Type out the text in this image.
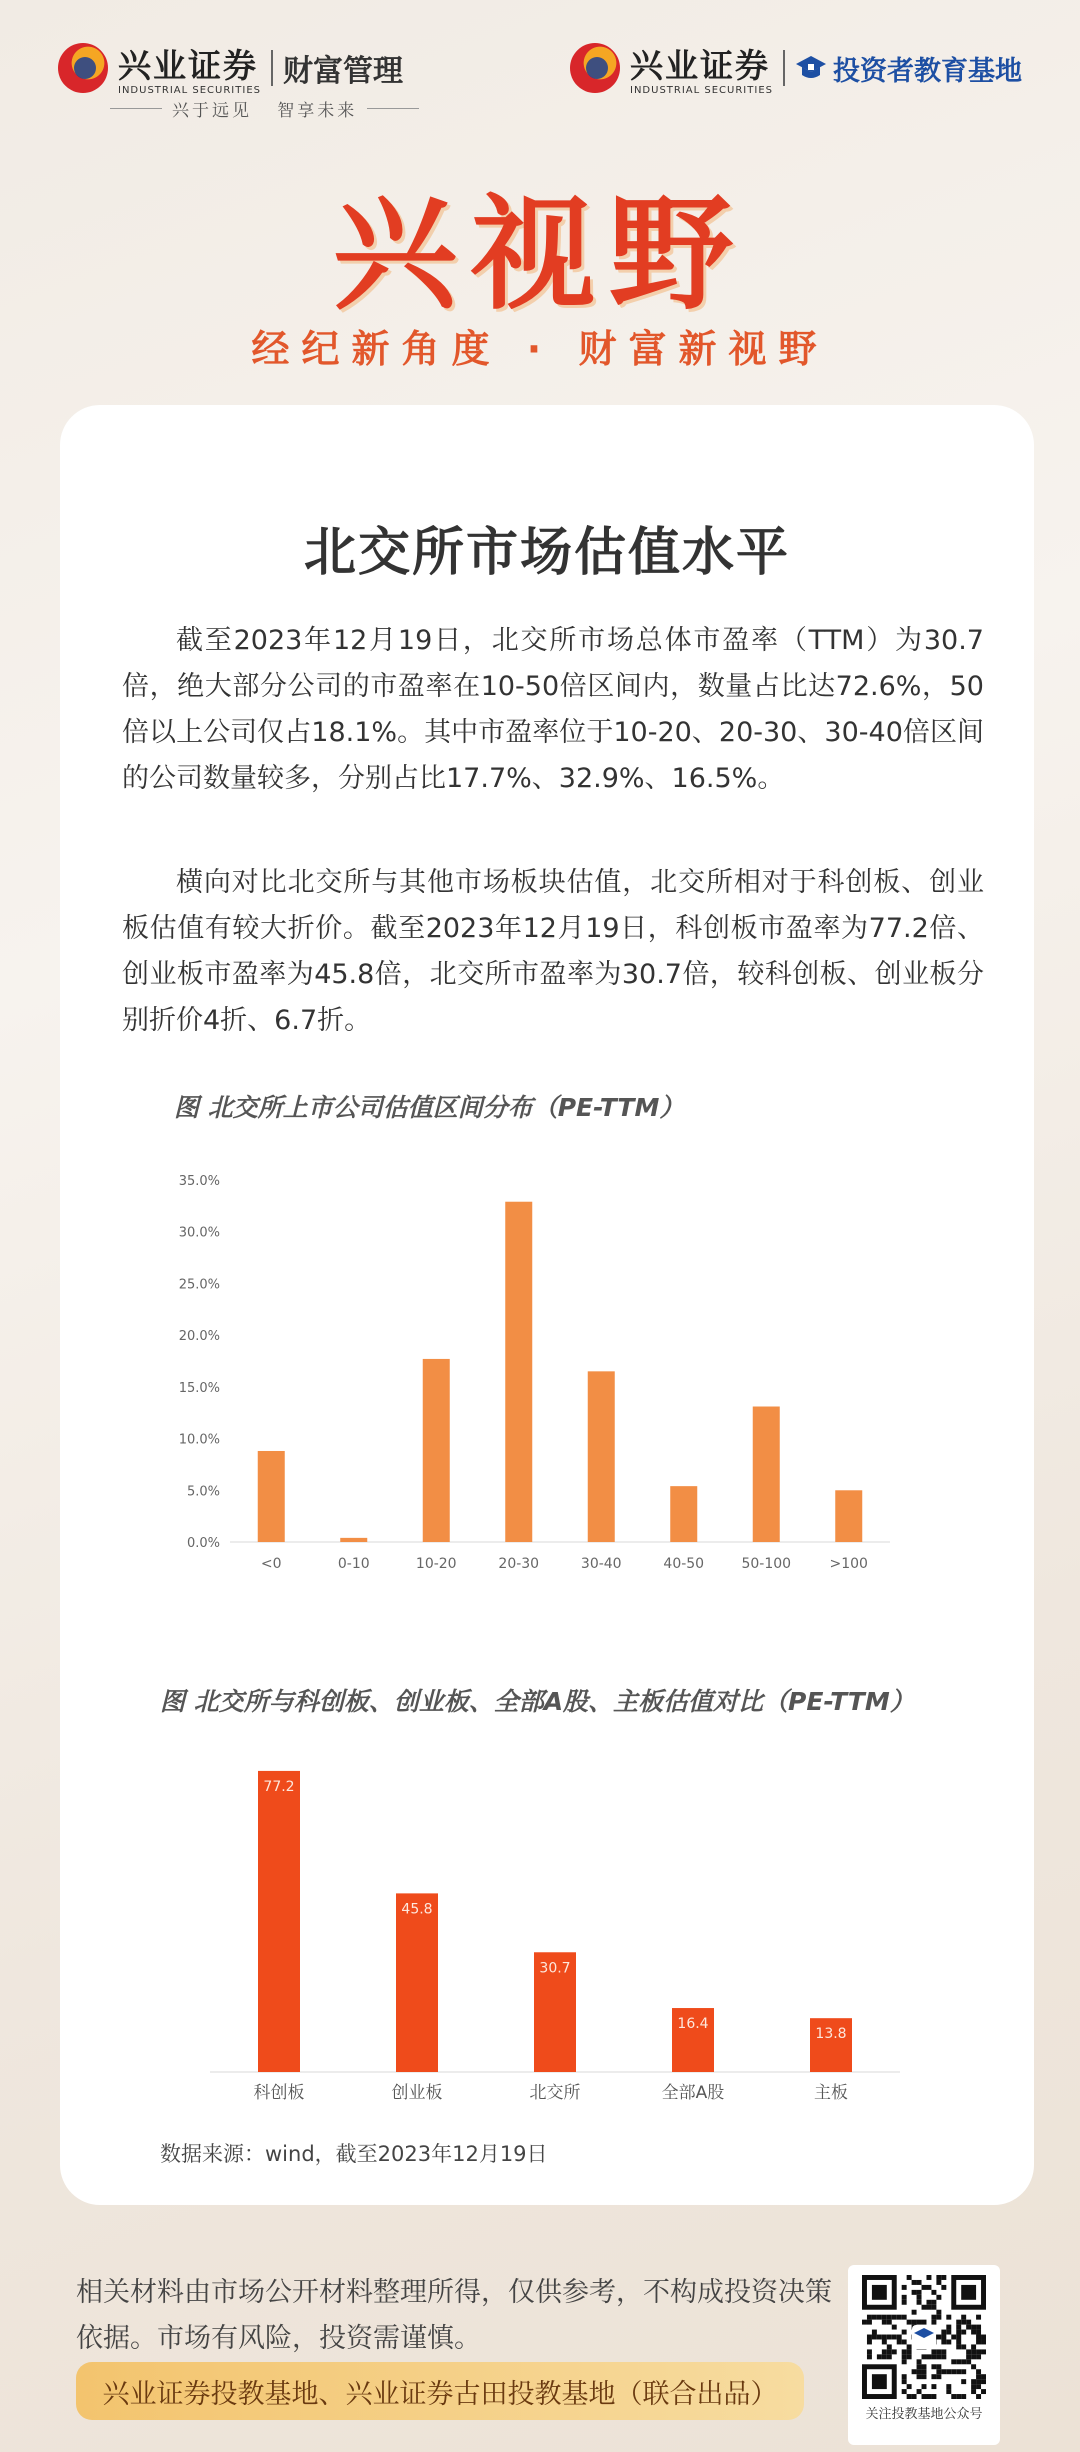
兴业证券
INDUSTRIAL SECURITIES
财富管理
兴于远见   智享未来
兴业证券
INDUSTRIAL SECURITIES
投资者教育基地
兴视野
经纪新角度 · 财富新视野
北交所市场估值水平
截至2023年12月19日，北交所市场总体市盈率（TTM）为30.7倍，绝大部分公司的市盈率在10-50倍区间内，数量占比达72.6%，50倍以上公司仅占18.1%。其中市盈率位于10-20、20-30、30-40倍区间的公司数量较多，分别占比17.7%、32.9%、16.5%。
横向对比北交所与其他市场板块估值，北交所相对于科创板、创业板估值有较大折价。截至2023年12月19日，科创板市盈率为77.2倍、创业板市盈率为45.8倍，北交所市盈率为30.7倍，较科创板、创业板分别折价4折、6.7折。
图 北交所上市公司估值区间分布（PE-TTM）
0.0%
5.0%
10.0%
15.0%
20.0%
25.0%
30.0%
35.0%
<0	0-10	10-20	20-30	30-40	40-50	50-100	>100
图 北交所与科创板、创业板、全部A股、主板估值对比（PE-TTM）
77.2
科创板
45.8
创业板
30.7
北交所
16.4
全部A股
13.8
主板
数据来源：wind，截至2023年12月19日
相关材料由市场公开材料整理所得，仅供参考，不构成投资决策依据。市场有风险，投资需谨慎。
兴业证券投教基地、兴业证券古田投教基地（联合出品）
关注投教基地公众号
